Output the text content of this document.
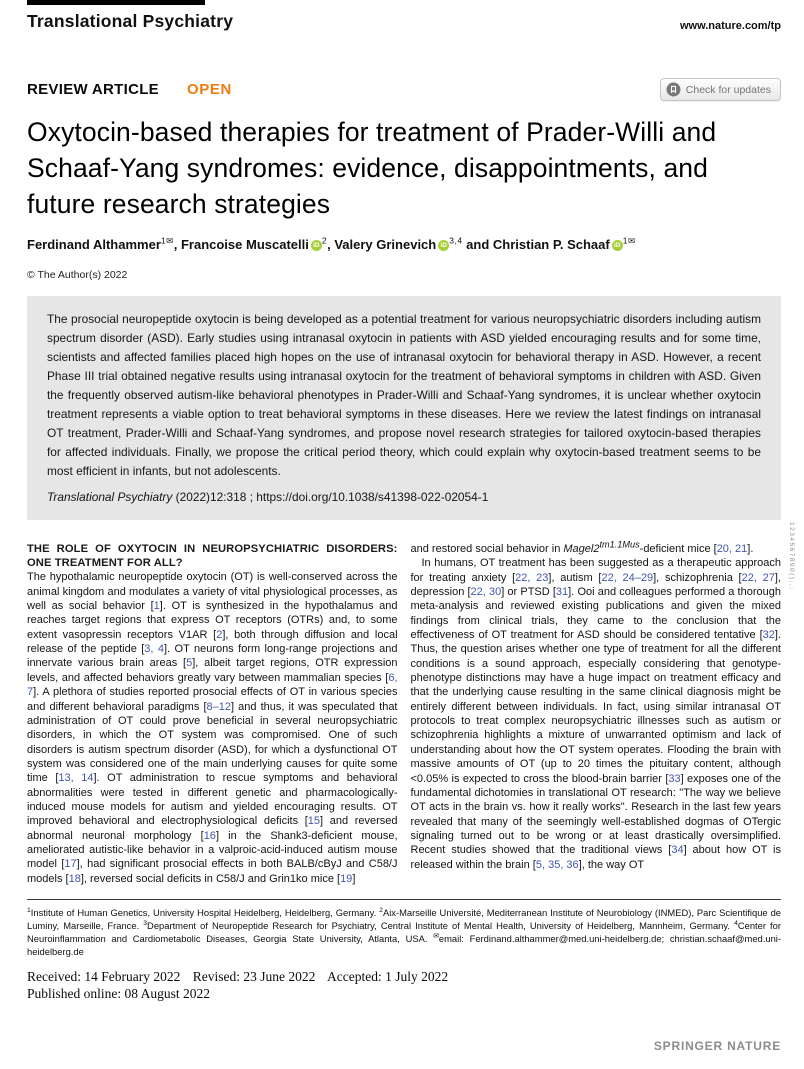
Translational Psychiatry	www.nature.com/tp
REVIEW ARTICLE OPEN	Check for updates
Oxytocin-based therapies for treatment of Prader-Willi and Schaaf-Yang syndromes: evidence, disappointments, and future research strategies
Ferdinand Althammer$^{1✉}$, Francoise Muscatelli iD $^2$, Valery Grinevich iD $^{3,4}$ and Christian P. Schaaf iD $^{1✉}$
© The Author(s) 2022
The prosocial neuropeptide oxytocin is being developed as a potential treatment for various neuropsychiatric disorders including autism spectrum disorder (ASD). Early studies using intranasal oxytocin in patients with ASD yielded encouraging results and for some time, scientists and affected families placed high hopes on the use of intranasal oxytocin for behavioral therapy in ASD. However, a recent Phase III trial obtained negative results using intranasal oxytocin for the treatment of behavioral symptoms in children with ASD. Given the frequently observed autism-like behavioral phenotypes in Prader-Willi and Schaaf-Yang syndromes, it is unclear whether oxytocin treatment represents a viable option to treat behavioral symptoms in these diseases. Here we review the latest findings on intranasal OT treatment, Prader-Willi and Schaaf-Yang syndromes, and propose novel research strategies for tailored oxytocin-based therapies for affected individuals. Finally, we propose the critical period theory, which could explain why oxytocin-based treatment seems to be most efficient in infants, but not adolescents.
Translational Psychiatry (2022)12:318 ; https://doi.org/10.1038/s41398-022-02054-1
THE ROLE OF OXYTOCIN IN NEUROPSYCHIATRIC DISORDERS: ONE TREATMENT FOR ALL?

The hypothalamic neuropeptide oxytocin (OT) is well-conserved across the animal kingdom and modulates a variety of vital physiological processes, as well as social behavior [1]. OT is synthesized in the hypothalamus and reaches target regions that express OT receptors (OTRs) and, to some extent vasopressin receptors V1AR [2], both through diffusion and local release of the peptide [3, 4]. OT neurons form long-range projections and innervate various brain areas [5], albeit target regions, OTR expression levels, and affected behaviors greatly vary between mammalian species [6, 7]. A plethora of studies reported prosocial effects of OT in various species and different behavioral paradigms [8–12] and thus, it was speculated that administration of OT could prove beneficial in several neuropsychiatric disorders, in which the OT system was compromised. One of such disorders is autism spectrum disorder (ASD), for which a dysfunctional OT system was considered one of the main underlying causes for quite some time [13, 14]. OT administration to rescue symptoms and behavioral abnormalities were tested in different genetic and pharmacologically-induced mouse models for autism and yielded encouraging results. OT improved behavioral and electrophysiological deficits [15] and reversed abnormal neuronal morphology [16] in the Shank3-deficient mouse, ameliorated autistic-like behavior in a valproic-acid-induced autism mouse model [17], had significant prosocial effects in both BALB/cByJ and C58/J models [18], reversed social deficits in C58/J and Grin1ko mice [19]

and restored social behavior in $Magel2^{tm1.1Mus}$-deficient mice [20, 21].

In humans, OT treatment has been suggested as a therapeutic approach for treating anxiety [22, 23], autism [22, 24–29], schizophrenia [22, 27], depression [22, 30] or PTSD [31]. Ooi and colleagues performed a thorough meta-analysis and reviewed existing publications and given the mixed findings from clinical trials, they came to the conclusion that the effectiveness of OT treatment for ASD should be considered tentative [32]. Thus, the question arises whether one type of treatment for all the different conditions is a sound approach, especially considering that genotype-phenotype distinctions may have a huge impact on treatment efficacy and that the underlying cause resulting in the same clinical diagnosis might be entirely different between individuals. In fact, using similar intranasal OT protocols to treat complex neuropsychiatric illnesses such as autism or schizophrenia highlights a mixture of unwarranted optimism and lack of understanding about how the OT system operates. Flooding the brain with massive amounts of OT (up to 20 times the pituitary content, although <0.05% is expected to cross the blood-brain barrier [33] exposes one of the fundamental dichotomies in translational OT research: "The way we believe OT acts in the brain vs. how it really works". Research in the last few years revealed that many of the seemingly well-established dogmas of OTergic signaling turned out to be wrong or at least drastically oversimplified. Recent studies showed that the traditional views [34] about how OT is released within the brain [5, 35, 36], the way OT

$^1$Institute of Human Genetics, University Hospital Heidelberg, Heidelberg, Germany. $^2$Aix-Marseille Université, Mediterranean Institute of Neurobiology (INMED), Parc Scientifique de Luminy, Marseille, France. $^3$Department of Neuropeptide Research for Psychiatry, Central Institute of Mental Health, University of Heidelberg, Mannheim, Germany. $^4$Center for Neuroinflammation and Cardiometabolic Diseases, Georgia State University, Atlanta, USA. ✉email: Ferdinand.althammer@med.uni-heidelberg.de; christian.schaaf@med.uni-heidelberg.de
Received: 14 February 2022 Revised: 23 June 2022 Accepted: 1 July 2022
Published online: 08 August 2022
1234567890();,:
SPRINGER NATURE
